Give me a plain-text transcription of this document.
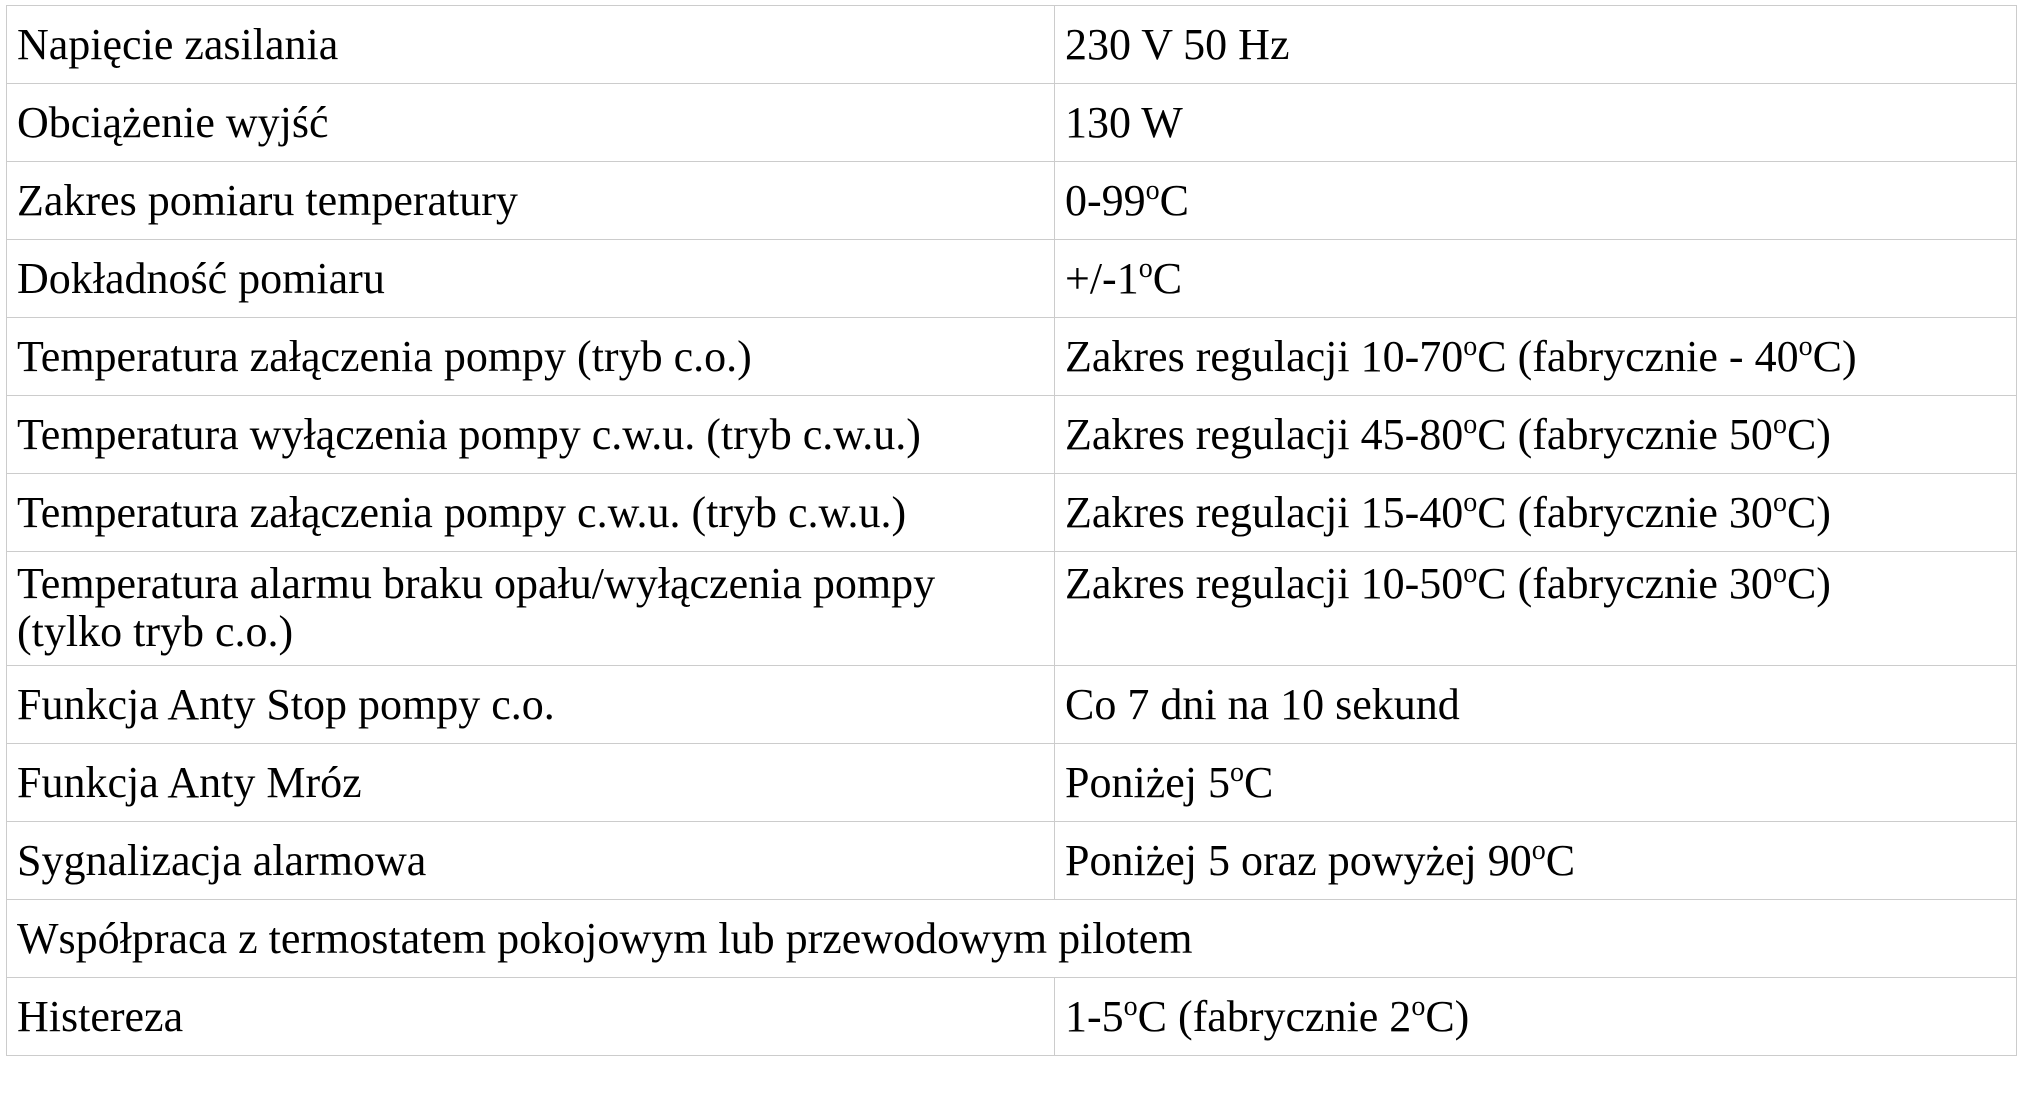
Napięcie zasilania	230 V 50 Hz
Obciążenie wyjść	130 W
Zakres pomiaru temperatury	0-99$^o$C
Dokładność pomiaru	$+/-1^oC$
Temperatura załączenia pompy (tryb c.o.)	Zakres regulacji 10-70$^o$C (fabrycznie - 40$^o$C)
Temperatura wyłączenia pompy c.w.u. (tryb c.w.u.)	Zakres regulacji 45-80$^o$C (fabrycznie 50$^o$C)
Temperatura załączenia pompy c.w.u. (tryb c.w.u.)	Zakres regulacji 15-40$^o$C (fabrycznie 30$^o$C)
Temperatura alarmu braku opału/wyłączenia pompy (tylko tryb c.o.)	Zakres regulacji 10-50$^o$C (fabrycznie 30$^o$C)
Funkcja Anty Stop pompy c.o.	Co 7 dni na 10 sekund
Funkcja Anty Mróz	Poniżej 5$^o$C
Sygnalizacja alarmowa	Poniżej 5 oraz powyżej 90$^o$C
Współpraca z termostatem pokojowym lub przewodowym pilotem	
Histereza	1-5$^o$C (fabrycznie 2$^o$C)
